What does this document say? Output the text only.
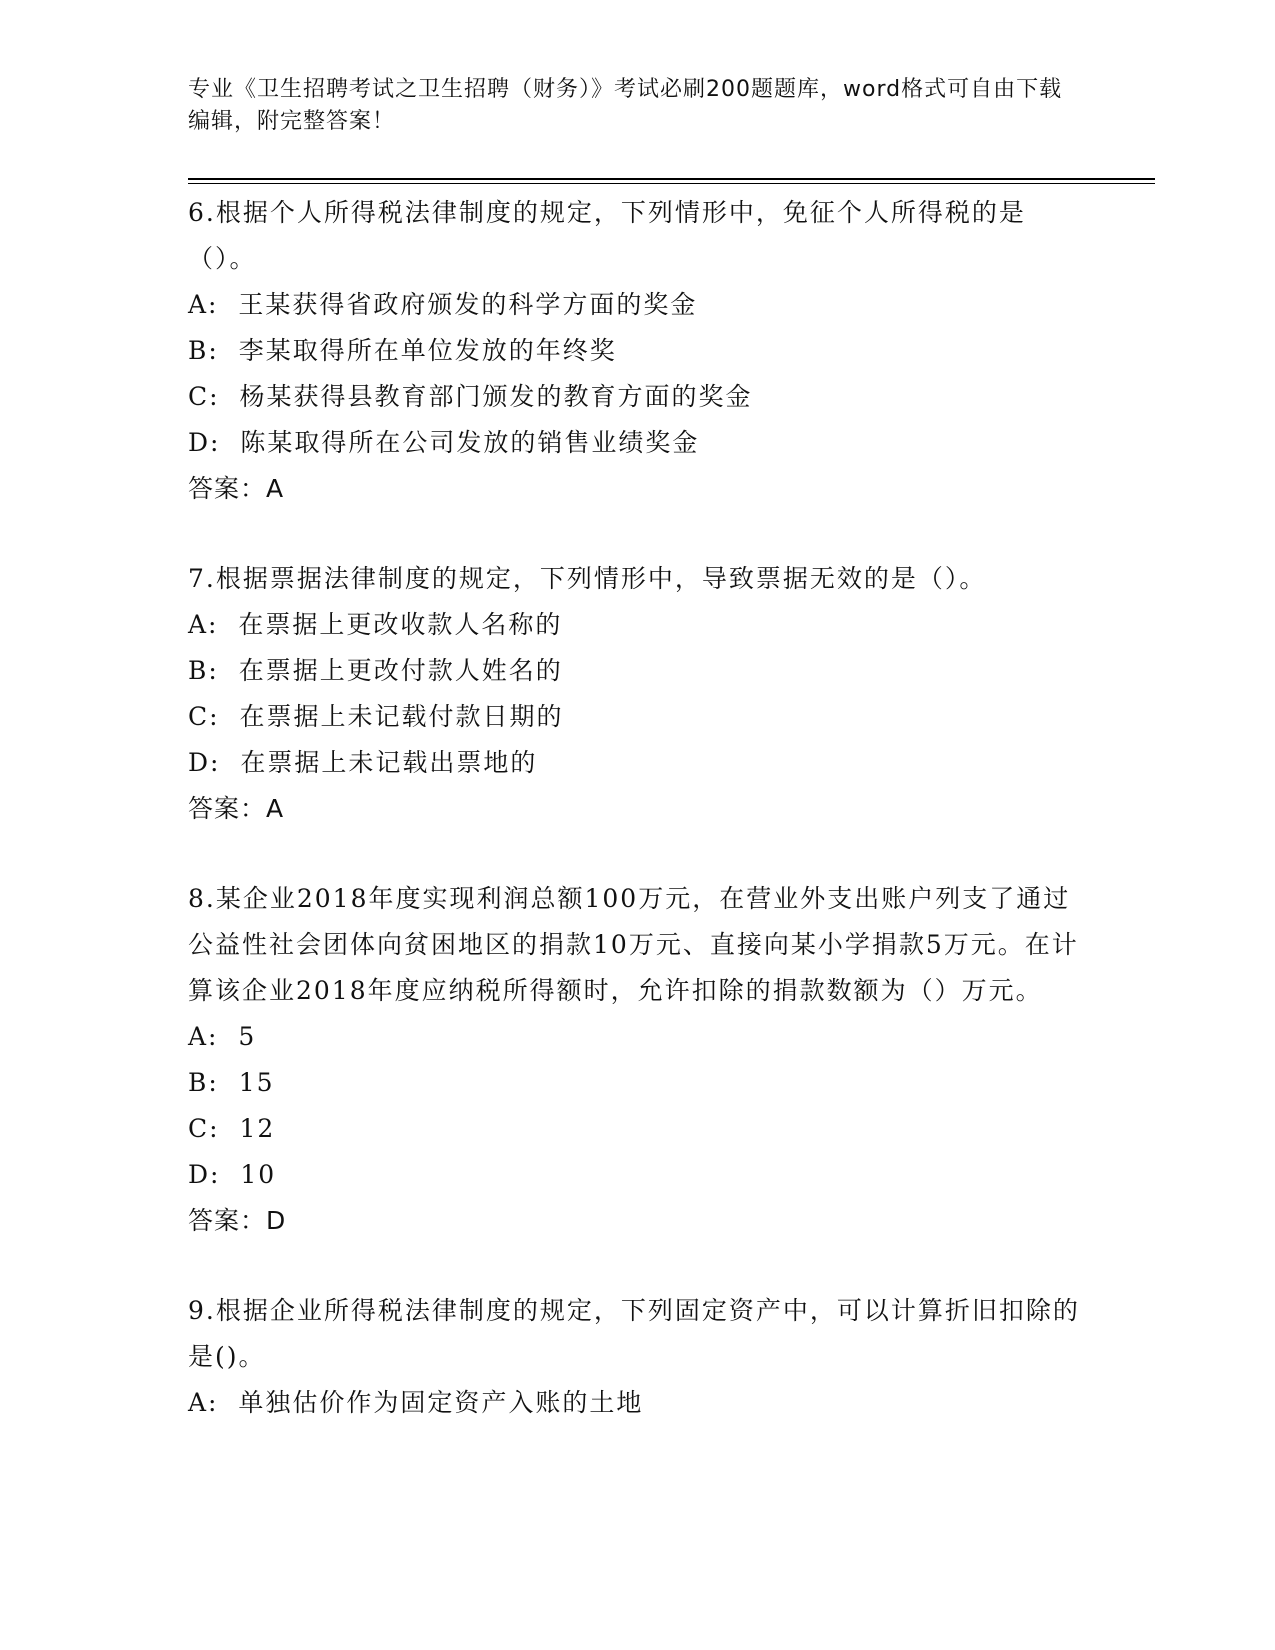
专业《卫生招聘考试之卫生招聘（财务）》考试必刷200题题库，word格式可自由下载编辑，附完整答案！
6.根据个人所得税法律制度的规定，下列情形中，免征个人所得税的是（）。
A:  王某获得省政府颁发的科学方面的奖金
B:  李某取得所在单位发放的年终奖
C:  杨某获得县教育部门颁发的教育方面的奖金
D:  陈某取得所在公司发放的销售业绩奖金
答案：A
7.根据票据法律制度的规定，下列情形中，导致票据无效的是（）。
A:  在票据上更改收款人名称的
B:  在票据上更改付款人姓名的
C:  在票据上未记载付款日期的
D:  在票据上未记载出票地的
答案：A
8.某企业2018年度实现利润总额100万元，在营业外支出账户列支了通过公益性社会团体向贫困地区的捐款10万元、直接向某小学捐款5万元。在计算该企业2018年度应纳税所得额时，允许扣除的捐款数额为（）万元。
A:  5
B:  15
C:  12
D:  10
答案：D
9.根据企业所得税法律制度的规定，下列固定资产中，可以计算折旧扣除的是()。
A:  单独估价作为固定资产入账的土地
